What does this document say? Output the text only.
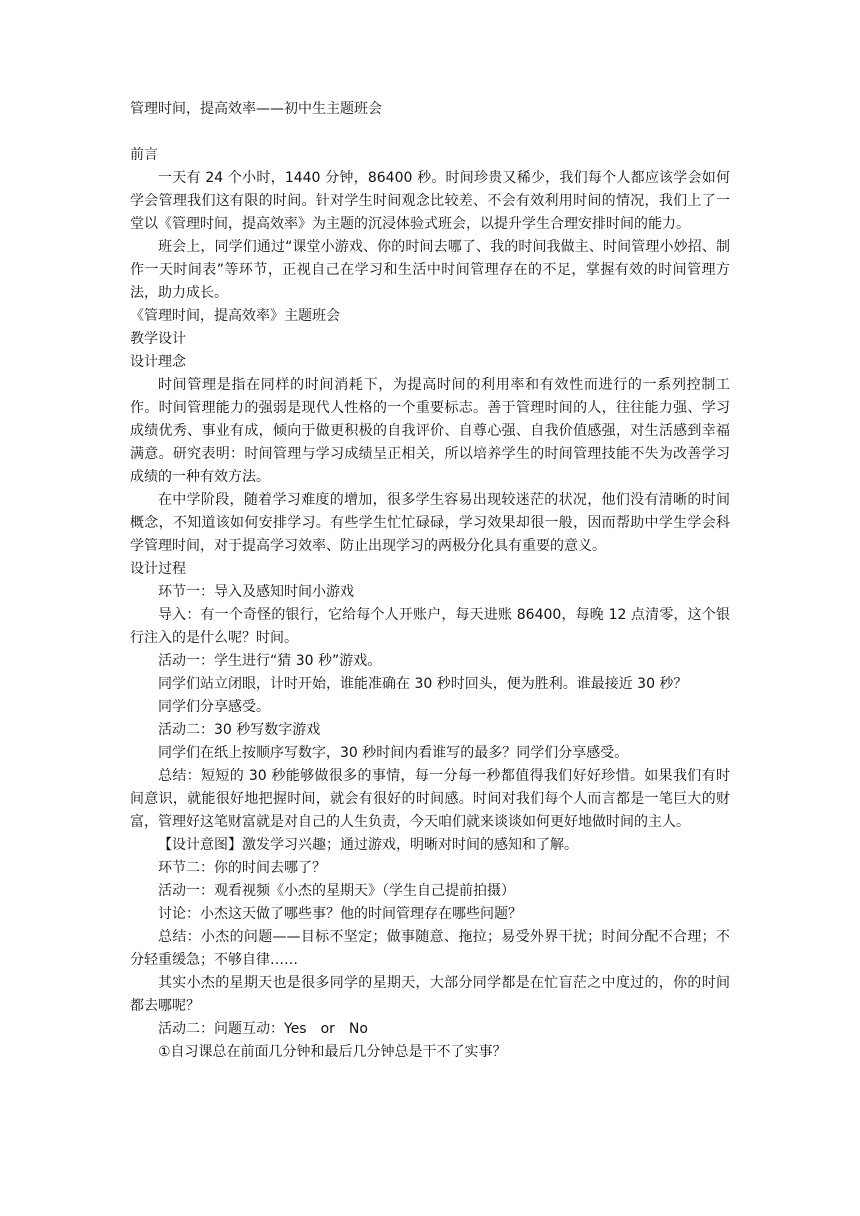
管理时间，提高效率——初中生主题班会

前言

一天有 24 个小时，1440 分钟，86400 秒。时间珍贵又稀少，我们每个人都应该学会如何学会管理我们这有限的时间。针对学生时间观念比较差、不会有效利用时间的情况，我们上了一堂以《管理时间，提高效率》为主题的沉浸体验式班会，以提升学生合理安排时间的能力。

班会上，同学们通过“课堂小游戏、你的时间去哪了、我的时间我做主、时间管理小妙招、制作一天时间表”等环节，正视自己在学习和生活中时间管理存在的不足，掌握有效的时间管理方法，助力成长。

《管理时间，提高效率》主题班会

教学设计

设计理念

时间管理是指在同样的时间消耗下，为提高时间的利用率和有效性而进行的一系列控制工作。时间管理能力的强弱是现代人性格的一个重要标志。善于管理时间的人，往往能力强、学习成绩优秀、事业有成，倾向于做更积极的自我评价、自尊心强、自我价值感强，对生活感到幸福满意。研究表明：时间管理与学习成绩呈正相关，所以培养学生的时间管理技能不失为改善学习成绩的一种有效方法。

在中学阶段，随着学习难度的增加，很多学生容易出现较迷茫的状况，他们没有清晰的时间概念，不知道该如何安排学习。有些学生忙忙碌碌，学习效果却很一般，因而帮助中学生学会科学管理时间，对于提高学习效率、防止出现学习的两极分化具有重要的意义。

设计过程

环节一：导入及感知时间小游戏

导入：有一个奇怪的银行，它给每个人开账户，每天进账 86400，每晚 12 点清零，这个银行注入的是什么呢？时间。

活动一：学生进行“猜 30 秒”游戏。

同学们站立闭眼，计时开始，谁能准确在 30 秒时回头，便为胜利。谁最接近 30 秒？

同学们分享感受。

活动二：30 秒写数字游戏

同学们在纸上按顺序写数字，30 秒时间内看谁写的最多？同学们分享感受。

总结：短短的 30 秒能够做很多的事情，每一分每一秒都值得我们好好珍惜。如果我们有时间意识，就能很好地把握时间，就会有很好的时间感。时间对我们每个人而言都是一笔巨大的财富，管理好这笔财富就是对自己的人生负责，今天咱们就来谈谈如何更好地做时间的主人。

【设计意图】激发学习兴趣；通过游戏，明晰对时间的感知和了解。

环节二：你的时间去哪了？

活动一：观看视频《小杰的星期天》（学生自己提前拍摄）

讨论：小杰这天做了哪些事？他的时间管理存在哪些问题？

总结：小杰的问题——目标不坚定；做事随意、拖拉；易受外界干扰；时间分配不合理；不分轻重缓急；不够自律……

其实小杰的星期天也是很多同学的星期天，大部分同学都是在忙盲茫之中度过的，你的时间都去哪呢？

活动二：问题互动：Yes　or　No

①自习课总在前面几分钟和最后几分钟总是干不了实事？
